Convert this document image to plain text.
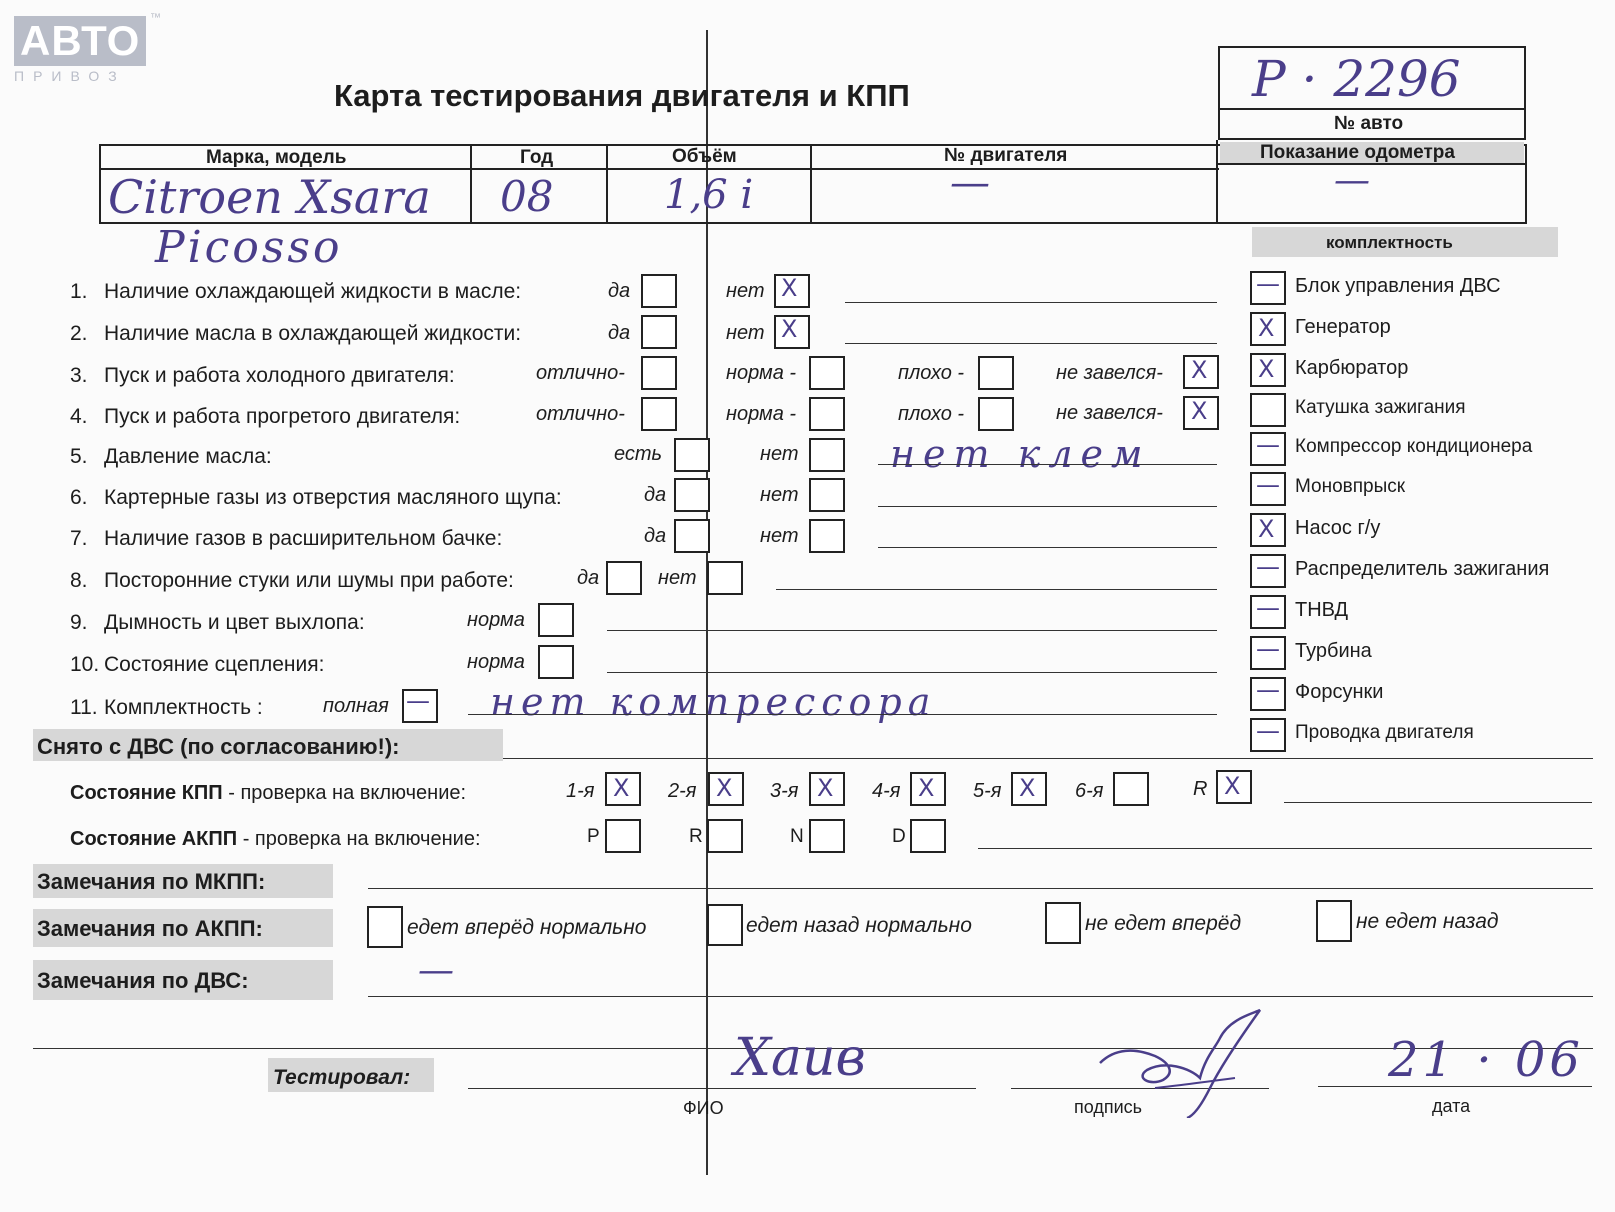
АВТО
ПРИВОЗ
™
Карта тестирования двигателя и КПП	Р · 2296
№ авто
Марка, модель	Год	Объём	№ двигателя	Показание одометра
Citroen Xsara
Picosso
08	1,6 i	—	—
комплектность
1. Наличие охлаждающей жидкости в масле:	да	нет X
2. Наличие масла в охлаждающей жидкости:	да	нет X
3. Пуск и работа холодного двигателя:	отлично-	норма -	плохо -	не завелся- X
4. Пуск и работа прогретого двигателя:	отлично-	норма -	плохо -	не завелся- X
5. Давление масла:	есть	нет нет клем
6. Картерные газы из отверстия масляного щупа:	да	нет
7. Наличие газов в расширительном бачке:	да	нет
8. Посторонние стуки или шумы при работе:	да	нет
9. Дымность и цвет выхлопа:	норма
10. Состояние сцепления:	норма
11. Комплектность :	полная — нет компрессора
— Блок управления ДВС
X Генератор
X Карбюратор
Катушка зажигания
— Компрессор кондиционера
— Моновпрыск
X Насос г/у
— Распределитель зажигания
— ТНВД
— Турбина
— Форсунки
— Проводка двигателя
Снято с ДВС (по согласованию!):
Состояние КПП - проверка на включение:	1-я X 2-я X 3-я X 4-я X 5-я X 6-я	R X
Состояние АКПП - проверка на включение:	P	R	N	D
Замечания по МКПП:
Замечания по АКПП:	едет вперёд нормально	едет назад нормально	не едет вперёд	не едет назад
Замечания по ДВС:	—
Тестировал:	Хаив
ФИО	подпись
21 · 06
дата
